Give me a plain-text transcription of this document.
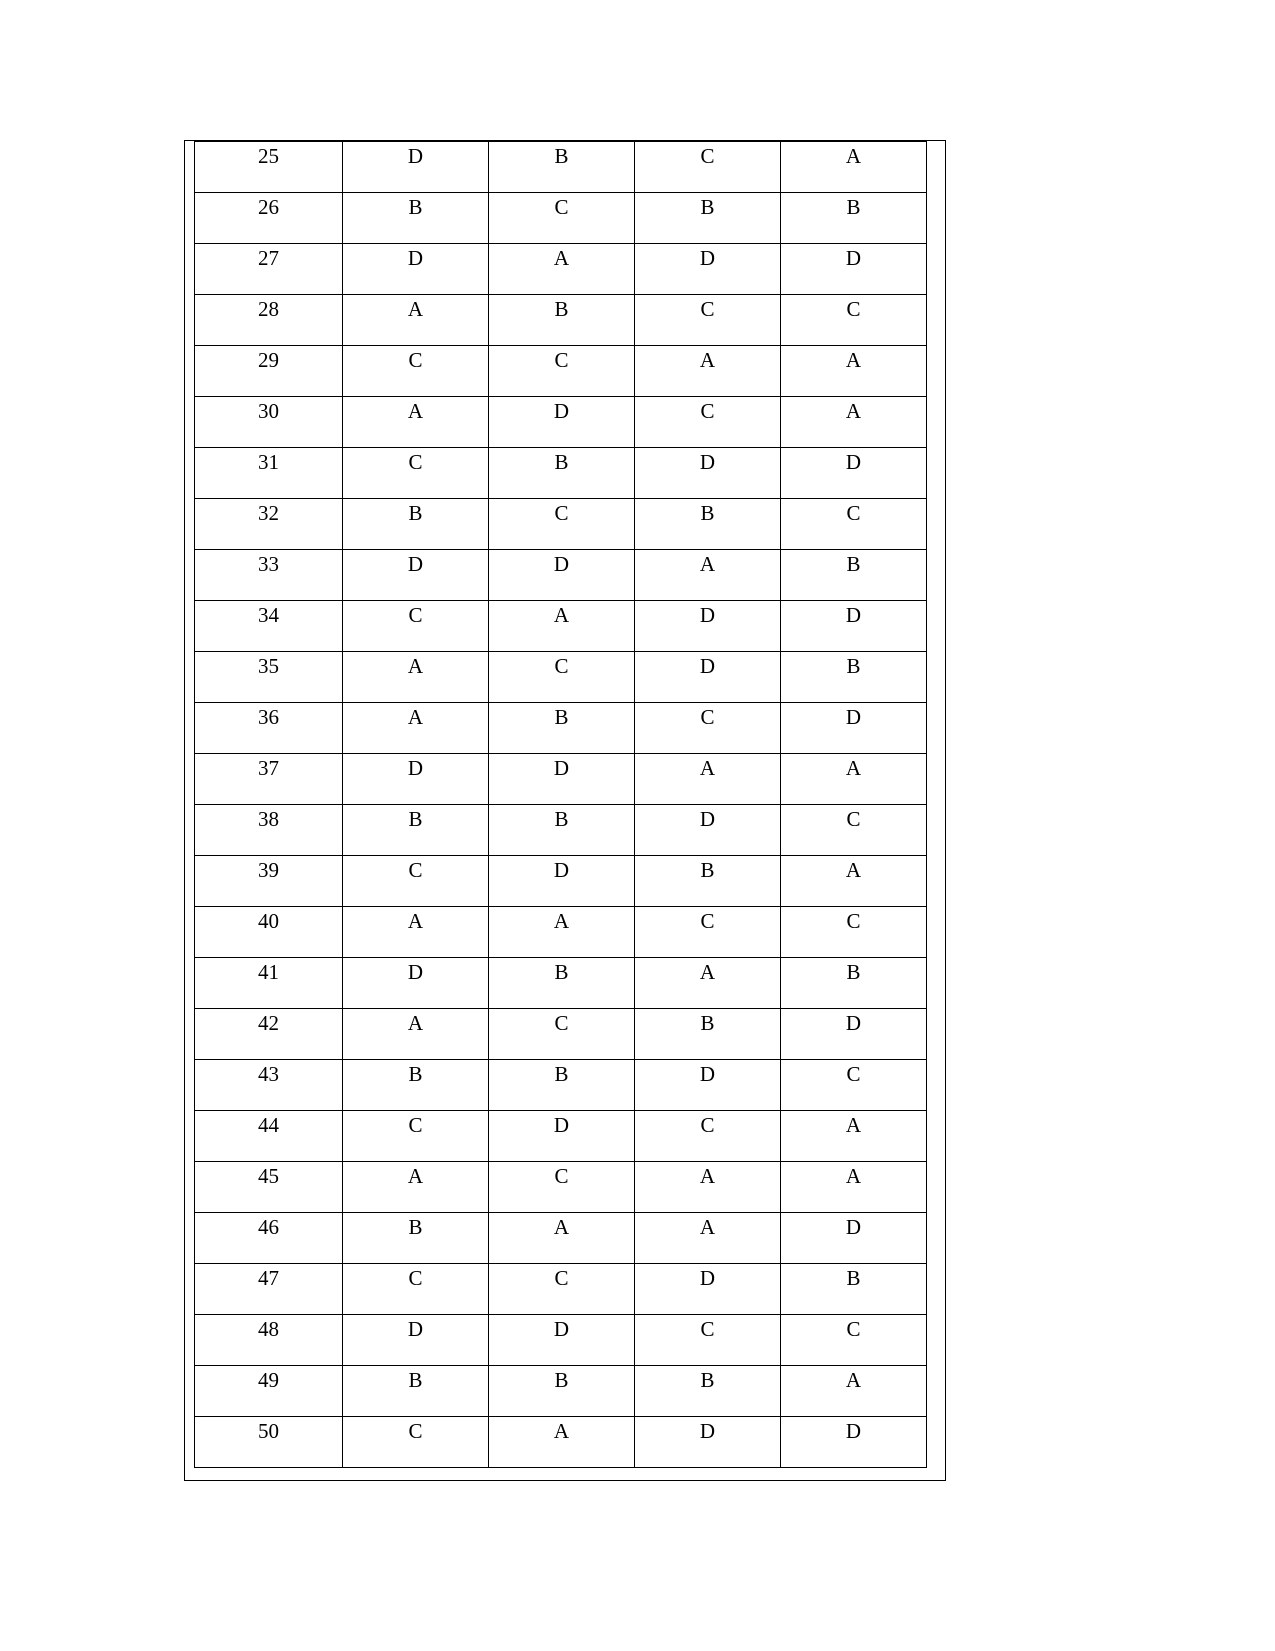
25	D	B	C	A
26	B	C	B	B
27	D	A	D	D
28	A	B	C	C
29	C	C	A	A
30	A	D	C	A
31	C	B	D	D
32	B	C	B	C
33	D	D	A	B
34	C	A	D	D
35	A	C	D	B
36	A	B	C	D
37	D	D	A	A
38	B	B	D	C
39	C	D	B	A
40	A	A	C	C
41	D	B	A	B
42	A	C	B	D
43	B	B	D	C
44	C	D	C	A
45	A	C	A	A
46	B	A	A	D
47	C	C	D	B
48	D	D	C	C
49	B	B	B	A
50	C	A	D	D
